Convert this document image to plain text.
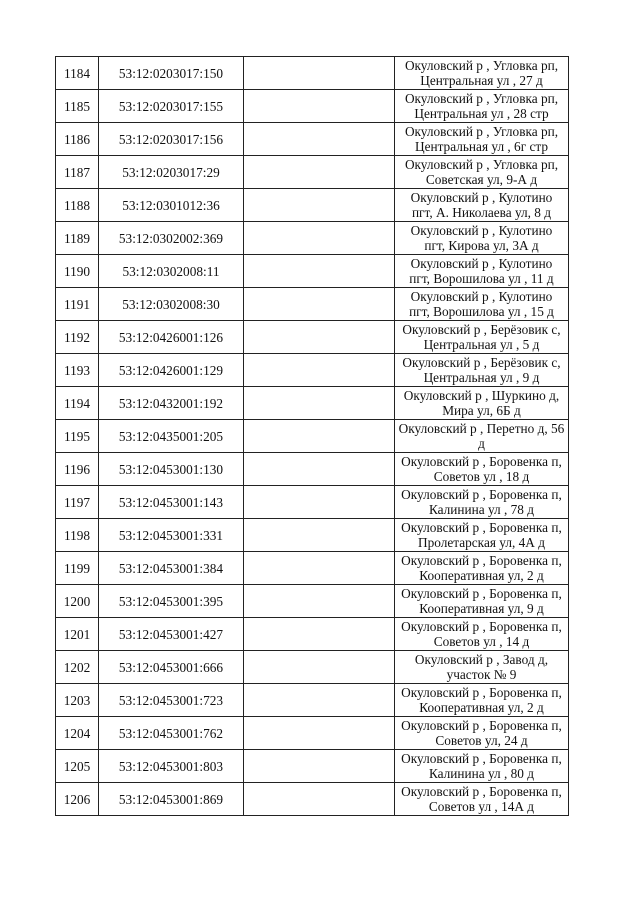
1184	53:12:0203017:150		Окуловский р , Угловка рп,
Центральная ул , 27 д

1185	53:12:0203017:155		Окуловский р , Угловка рп,
Центральная ул , 28 стр

1186	53:12:0203017:156		Окуловский р , Угловка рп,
Центральная ул , 6г стр

1187	53:12:0203017:29		Окуловский р , Угловка рп,
Советская ул, 9-А д

1188	53:12:0301012:36		Окуловский р , Кулотино
пгт, А. Николаева ул, 8 д

1189	53:12:0302002:369		Окуловский р , Кулотино
пгт, Кирова ул, 3А д

1190	53:12:0302008:11		Окуловский р , Кулотино
пгт, Ворошилова ул , 11 д

1191	53:12:0302008:30		Окуловский р , Кулотино
пгт, Ворошилова ул , 15 д

1192	53:12:0426001:126		Окуловский р , Берёзовик с,
Центральная ул , 5 д

1193	53:12:0426001:129		Окуловский р , Берёзовик с,
Центральная ул , 9 д

1194	53:12:0432001:192		Окуловский р , Шуркино д,
Мира ул, 6Б д

1195	53:12:0435001:205		Окуловский р , Перетно д, 56
д

1196	53:12:0453001:130		Окуловский р , Боровенка п,
Советов ул , 18 д

1197	53:12:0453001:143		Окуловский р , Боровенка п,
Калинина ул , 78 д

1198	53:12:0453001:331		Окуловский р , Боровенка п,
Пролетарская ул, 4А д

1199	53:12:0453001:384		Окуловский р , Боровенка п,
Кооперативная ул, 2 д

1200	53:12:0453001:395		Окуловский р , Боровенка п,
Кооперативная ул, 9 д

1201	53:12:0453001:427		Окуловский р , Боровенка п,
Советов ул , 14 д

1202	53:12:0453001:666		Окуловский р , Завод д,
участок № 9

1203	53:12:0453001:723		Окуловский р , Боровенка п,
Кооперативная ул, 2 д

1204	53:12:0453001:762		Окуловский р , Боровенка п,
Советов ул, 24 д

1205	53:12:0453001:803		Окуловский р , Боровенка п,
Калинина ул , 80 д

1206	53:12:0453001:869		Окуловский р , Боровенка п,
Советов ул , 14А д
